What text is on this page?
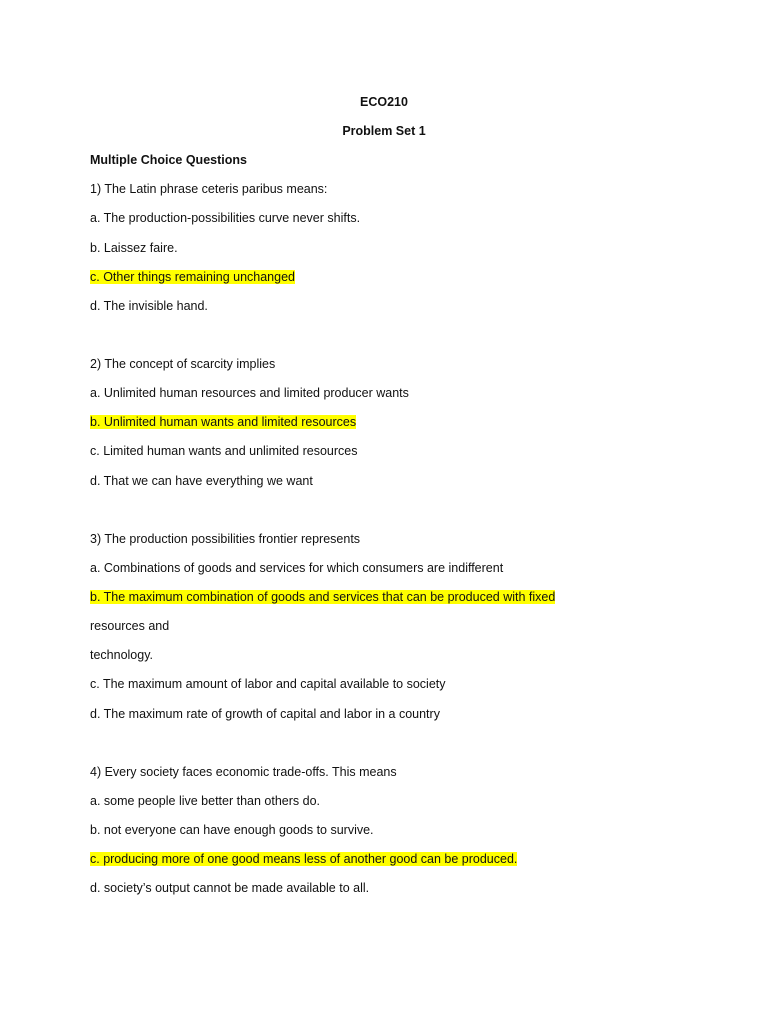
ECO210
Problem Set 1
Multiple Choice Questions
1) The Latin phrase ceteris paribus means:
a. The production-possibilities curve never shifts.
b. Laissez faire.
c. Other things remaining unchanged
d. The invisible hand.
2) The concept of scarcity implies
a. Unlimited human resources and limited producer wants
b. Unlimited human wants and limited resources
c. Limited human wants and unlimited resources
d. That we can have everything we want
3) The production possibilities frontier represents
a. Combinations of goods and services for which consumers are indifferent
b. The maximum combination of goods and services that can be produced with fixed
resources and
technology.
c. The maximum amount of labor and capital available to society
d. The maximum rate of growth of capital and labor in a country
4) Every society faces economic trade-offs. This means
a. some people live better than others do.
b. not everyone can have enough goods to survive.
c. producing more of one good means less of another good can be produced.
d. society’s output cannot be made available to all.
